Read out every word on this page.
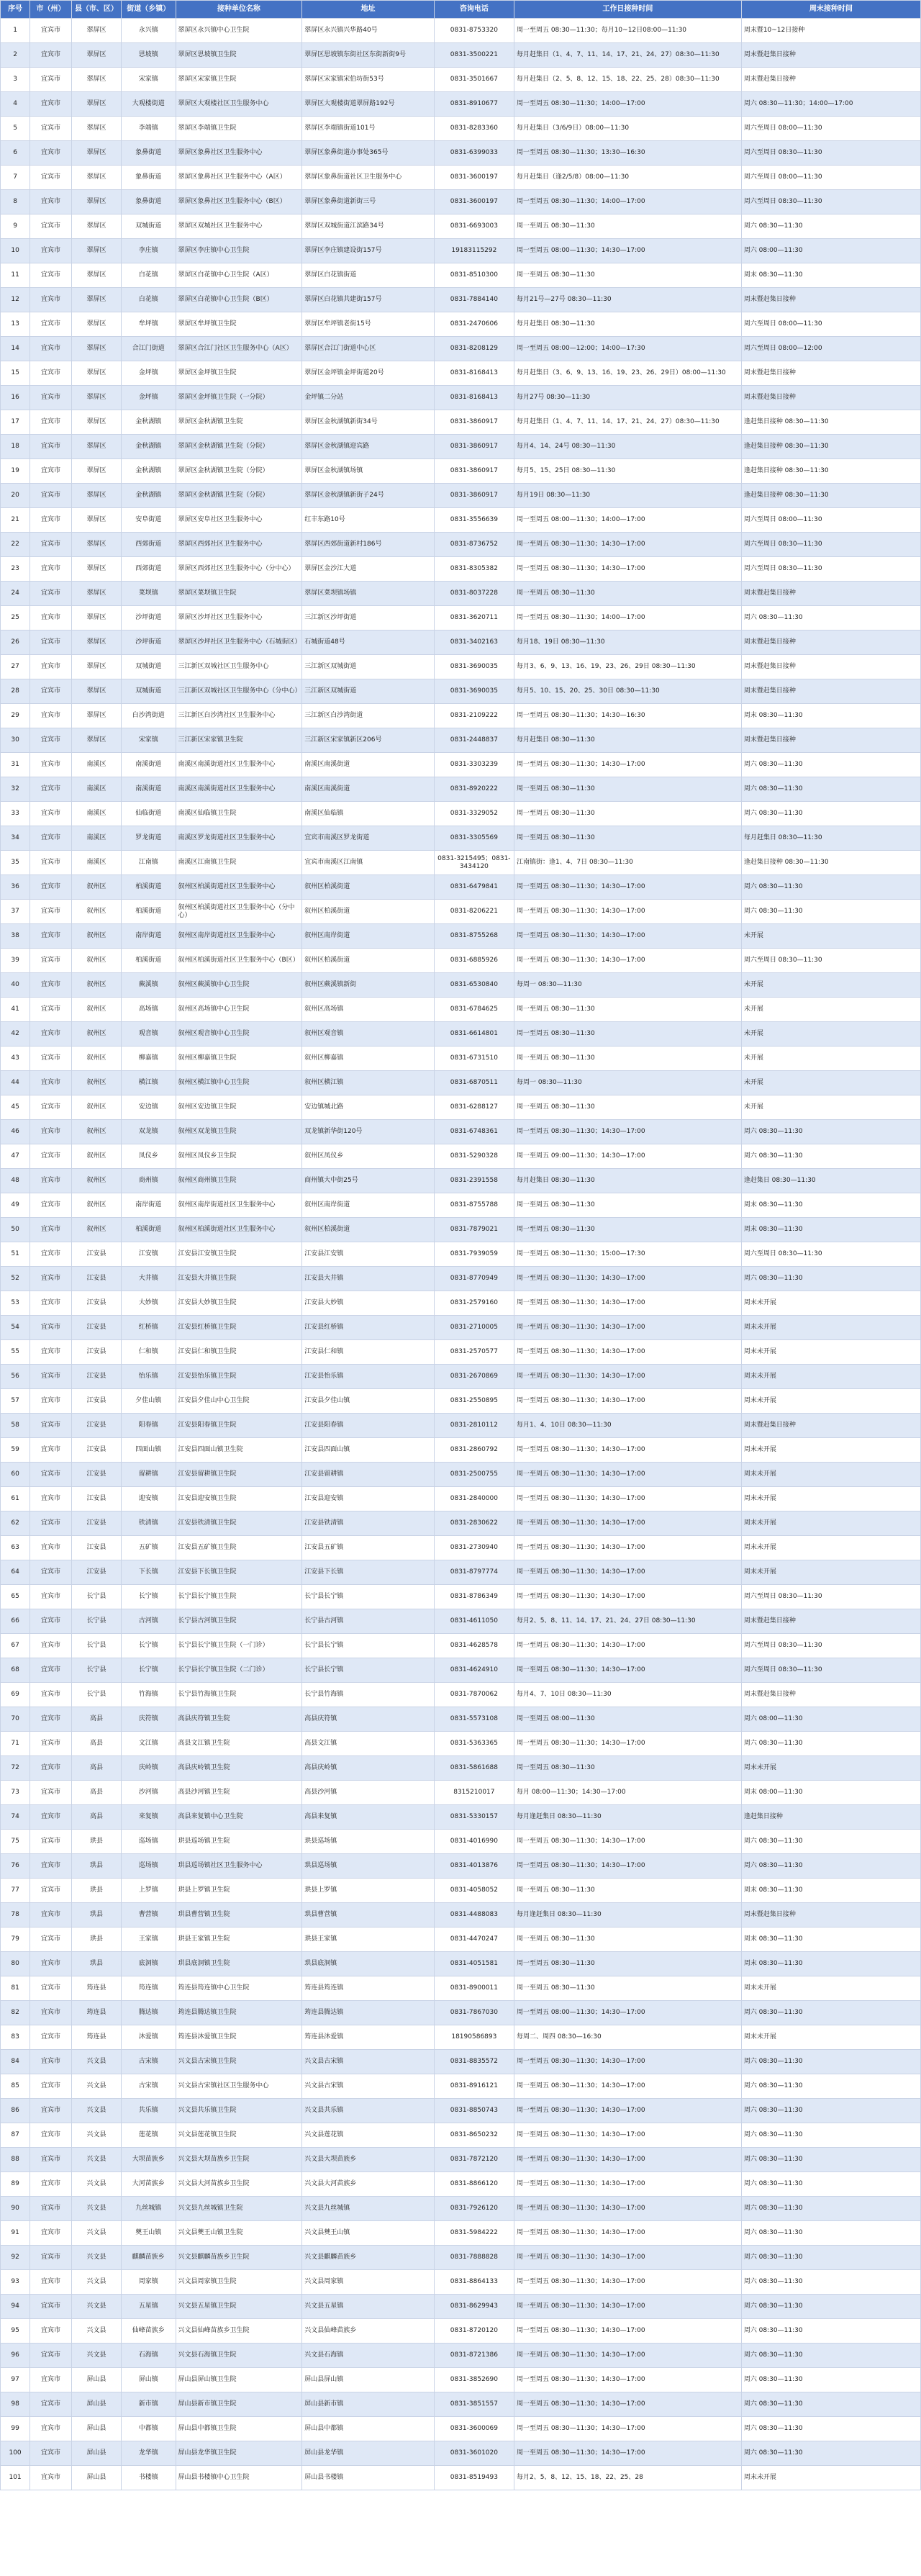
序号	市（州）	县（市、区）	街道（乡镇）	接种单位名称	地址	咨询电话	工作日接种时间	周末接种时间
1	宜宾市	翠屏区	永兴镇	翠屏区永兴镇中心卫生院	翠屏区永兴镇兴华路40号	0831-8753320	周一至周五 08:30—11:30；每月10~12日08:00—11:30	周末暨10~12日接种
2	宜宾市	翠屏区	思坡镇	翠屏区思坡镇卫生院	翠屏区思坡镇东街社区东街新街9号	0831-3500221	每月赶集日（1、4、7、11、14、17、21、24、27）08:30—11:30	周末暨赶集日接种
3	宜宾市	翠屏区	宋家镇	翠屏区宋家镇卫生院	翠屏区宋家镇宋伯坊街53号	0831-3501667	每月赶集日（2、5、8、12、15、18、22、25、28）08:30—11:30	周末暨赶集日接种
4	宜宾市	翠屏区	大观楼街道	翠屏区大观楼社区卫生服务中心	翠屏区大观楼街道翠屏路192号	0831-8910677	周一至周五 08:30—11:30；14:00—17:00	周六 08:30—11:30；14:00—17:00
5	宜宾市	翠屏区	李端镇	翠屏区李端镇卫生院	翠屏区李端镇街道101号	0831-8283360	每月赶集日（3/6/9日）08:00—11:30	周六至周日 08:00—11:30
6	宜宾市	翠屏区	象鼻街道	翠屏区象鼻社区卫生服务中心	翠屏区象鼻街道办事处365号	0831-6399033	周一至周五 08:30—11:30；13:30—16:30	周六至周日 08:30—11:30
7	宜宾市	翠屏区	象鼻街道	翠屏区象鼻社区卫生服务中心（A区）	翠屏区象鼻街道社区卫生服务中心	0831-3600197	每月赶集日（逢2/5/8）08:00—11:30	周六至周日 08:00—11:30
8	宜宾市	翠屏区	象鼻街道	翠屏区象鼻社区卫生服务中心（B区）	翠屏区象鼻街道新街三号	0831-3600197	周一至周五 08:30—11:30；14:00—17:00	周六至周日 08:30—11:30
9	宜宾市	翠屏区	双城街道	翠屏区双城社区卫生服务中心	翠屏区双城街道江滨路34号	0831-6693003	周一至周五 08:30—11:30	周六 08:30—11:30
10	宜宾市	翠屏区	李庄镇	翠屏区李庄镇中心卫生院	翠屏区李庄镇建设街157号	19183115292	周一至周五 08:00—11:30；14:30—17:00	周六 08:00—11:30
11	宜宾市	翠屏区	白花镇	翠屏区白花镇中心卫生院（A区）	翠屏区白花镇街道	0831-8510300	周一至周五 08:30—11:30	周末 08:30—11:30
12	宜宾市	翠屏区	白花镇	翠屏区白花镇中心卫生院（B区）	翠屏区白花镇共建街157号	0831-7884140	每月21号—27号 08:30—11:30	周末暨赶集日接种
13	宜宾市	翠屏区	牟坪镇	翠屏区牟坪镇卫生院	翠屏区牟坪镇老街15号	0831-2470606	每月赶集日 08:30—11:30	周六至周日 08:00—11:30
14	宜宾市	翠屏区	合江门街道	翠屏区合江门社区卫生服务中心（A区）	翠屏区合江门街道中心区	0831-8208129	周一至周五 08:00—12:00；14:00—17:30	周六至周日 08:00—12:00
15	宜宾市	翠屏区	金坪镇	翠屏区金坪镇卫生院	翠屏区金坪镇金坪街道20号	0831-8168413	每月赶集日（3、6、9、13、16、19、23、26、29日）08:00—11:30	周末暨赶集日接种
16	宜宾市	翠屏区	金坪镇	翠屏区金坪镇卫生院（一分院）	金坪镇二分站	0831-8168413	每月27号 08:30—11:30	周末暨赶集日接种
17	宜宾市	翠屏区	金秋湖镇	翠屏区金秋湖镇卫生院	翠屏区金秋湖镇新街34号	0831-3860917	每月赶集日（1、4、7、11、14、17、21、24、27）08:30—11:30	逢赶集日接种 08:30—11:30
18	宜宾市	翠屏区	金秋湖镇	翠屏区金秋湖镇卫生院（分院）	翠屏区金秋湖镇迎宾路	0831-3860917	每月4、14、24号 08:30—11:30	逢赶集日接种 08:30—11:30
19	宜宾市	翠屏区	金秋湖镇	翠屏区金秋湖镇卫生院（分院）	翠屏区金秋湖镇场镇	0831-3860917	每月5、15、25日 08:30—11:30	逢赶集日接种 08:30—11:30
20	宜宾市	翠屏区	金秋湖镇	翠屏区金秋湖镇卫生院（分院）	翠屏区金秋湖镇新街子24号	0831-3860917	每月19日 08:30—11:30	逢赶集日接种 08:30—11:30
21	宜宾市	翠屏区	安阜街道	翠屏区安阜社区卫生服务中心	红丰东路10号	0831-3556639	周一至周五 08:00—11:30；14:00—17:00	周六至周日 08:00—11:30
22	宜宾市	翠屏区	西郊街道	翠屏区西郊社区卫生服务中心	翠屏区西郊街道新村186号	0831-8736752	周一至周五 08:30—11:30；14:30—17:00	周六至周日 08:30—11:30
23	宜宾市	翠屏区	西郊街道	翠屏区西郊社区卫生服务中心（分中心）	翠屏区金沙江大道	0831-8305382	周一至周五 08:30—11:30；14:30—17:00	周六至周日 08:30—11:30
24	宜宾市	翠屏区	菜坝镇	翠屏区菜坝镇卫生院	翠屏区菜坝镇场镇	0831-8037228	周一至周五 08:30—11:30	周末暨赶集日接种
25	宜宾市	翠屏区	沙坪街道	翠屏区沙坪社区卫生服务中心	三江新区沙坪街道	0831-3620711	周一至周五 08:30—11:30；14:00—17:00	周六 08:30—11:30
26	宜宾市	翠屏区	沙坪街道	翠屏区沙坪社区卫生服务中心（石城街区）	石城街道48号	0831-3402163	每月18、19日 08:30—11:30	周末暨赶集日接种
27	宜宾市	翠屏区	双城街道	三江新区双城社区卫生服务中心	三江新区双城街道	0831-3690035	每月3、6、9、13、16、19、23、26、29日 08:30—11:30	周末暨赶集日接种
28	宜宾市	翠屏区	双城街道	三江新区双城社区卫生服务中心（分中心）	三江新区双城街道	0831-3690035	每月5、10、15、20、25、30日 08:30—11:30	周末暨赶集日接种
29	宜宾市	翠屏区	白沙湾街道	三江新区白沙湾社区卫生服务中心	三江新区白沙湾街道	0831-2109222	周一至周五 08:30—11:30；14:30—16:30	周末 08:30—11:30
30	宜宾市	翠屏区	宋家镇	三江新区宋家镇卫生院	三江新区宋家镇新区206号	0831-2448837	每月赶集日 08:30—11:30	周末暨赶集日接种
31	宜宾市	南溪区	南溪街道	南溪区南溪街道社区卫生服务中心	南溪区南溪街道	0831-3303239	周一至周五 08:30—11:30；14:30—17:00	周六 08:30—11:30
32	宜宾市	南溪区	南溪街道	南溪区南溪街道社区卫生服务中心	南溪区南溪街道	0831-8920222	周一至周五 08:30—11:30	周六 08:30—11:30
33	宜宾市	南溪区	仙临街道	南溪区仙临镇卫生院	南溪区仙临镇	0831-3329052	周一至周五 08:30—11:30	周六 08:30—11:30
34	宜宾市	南溪区	罗龙街道	南溪区罗龙街道社区卫生服务中心	宜宾市南溪区罗龙街道	0831-3305569	周一至周五 08:30—11:30	每月赶集日 08:30—11:30
35	宜宾市	南溪区	江南镇	南溪区江南镇卫生院	宜宾市南溪区江南镇	0831-3215495；0831-3434120	江南镇街：逢1、4、7日 08:30—11:30	逢赶集日接种 08:30—11:30
36	宜宾市	叙州区	柏溪街道	叙州区柏溪街道社区卫生服务中心	叙州区柏溪街道	0831-6479841	周一至周五 08:30—11:30；14:30—17:00	周六 08:30—11:30
37	宜宾市	叙州区	柏溪街道	叙州区柏溪街道社区卫生服务中心（分中心）	叙州区柏溪街道	0831-8206221	周一至周五 08:30—11:30；14:30—17:00	周六 08:30—11:30
38	宜宾市	叙州区	南岸街道	叙州区南岸街道社区卫生服务中心	叙州区南岸街道	0831-8755268	周一至周五 08:30—11:30；14:30—17:00	未开展
39	宜宾市	叙州区	柏溪街道	叙州区柏溪街道社区卫生服务中心（B区）	叙州区柏溪街道	0831-6885926	周一至周五 08:30—11:30；14:30—17:00	周六至周日 08:30—11:30
40	宜宾市	叙州区	蕨溪镇	叙州区蕨溪镇中心卫生院	叙州区蕨溪镇新街	0831-6530840	每周一 08:30—11:30	未开展
41	宜宾市	叙州区	高场镇	叙州区高场镇中心卫生院	叙州区高场镇	0831-6784625	周一至周五 08:30—11:30	未开展
42	宜宾市	叙州区	观音镇	叙州区观音镇中心卫生院	叙州区观音镇	0831-6614801	周一至周五 08:30—11:30	未开展
43	宜宾市	叙州区	柳嘉镇	叙州区柳嘉镇卫生院	叙州区柳嘉镇	0831-6731510	周一至周五 08:30—11:30	未开展
44	宜宾市	叙州区	横江镇	叙州区横江镇中心卫生院	叙州区横江镇	0831-6870511	每周一 08:30—11:30	未开展
45	宜宾市	叙州区	安边镇	叙州区安边镇卫生院	安边镇城北路	0831-6288127	周一至周五 08:30—11:30	未开展
46	宜宾市	叙州区	双龙镇	叙州区双龙镇卫生院	双龙镇新华街120号	0831-6748361	周一至周五 08:30—11:30；14:30—17:00	周六 08:30—11:30
47	宜宾市	叙州区	凤仪乡	叙州区凤仪乡卫生院	叙州区凤仪乡	0831-5290328	周一至周五 09:00—11:30；14:30—17:00	周六 08:30—11:30
48	宜宾市	叙州区	商州镇	叙州区商州镇卫生院	商州镇大中街25号	0831-2391558	每月赶集日 08:30—11:30	逢赶集日 08:30—11:30
49	宜宾市	叙州区	南岸街道	叙州区南岸街道社区卫生服务中心	叙州区南岸街道	0831-8755788	周一至周五 08:30—11:30	周末 08:30—11:30
50	宜宾市	叙州区	柏溪街道	叙州区柏溪街道社区卫生服务中心	叙州区柏溪街道	0831-7879021	周一至周五 08:30—11:30	周末 08:30—11:30
51	宜宾市	江安县	江安镇	江安县江安镇卫生院	江安县江安镇	0831-7939059	周一至周五 08:30—11:30；15:00—17:30	周六至周日 08:30—11:30
52	宜宾市	江安县	大井镇	江安县大井镇卫生院	江安县大井镇	0831-8770949	周一至周五 08:30—11:30；14:30—17:00	周六 08:30—11:30
53	宜宾市	江安县	大妙镇	江安县大妙镇卫生院	江安县大妙镇	0831-2579160	周一至周五 08:30—11:30；14:30—17:00	周末未开展
54	宜宾市	江安县	红桥镇	江安县红桥镇卫生院	江安县红桥镇	0831-2710005	周一至周五 08:30—11:30；14:30—17:00	周末未开展
55	宜宾市	江安县	仁和镇	江安县仁和镇卫生院	江安县仁和镇	0831-2570577	周一至周五 08:30—11:30；14:30—17:00	周末未开展
56	宜宾市	江安县	怡乐镇	江安县怡乐镇卫生院	江安县怡乐镇	0831-2670869	周一至周五 08:30—11:30；14:30—17:00	周末未开展
57	宜宾市	江安县	夕佳山镇	江安县夕佳山中心卫生院	江安县夕佳山镇	0831-2550895	周一至周五 08:30—11:30；14:30—17:00	周末未开展
58	宜宾市	江安县	阳春镇	江安县阳春镇卫生院	江安县阳春镇	0831-2810112	每月1、4、10日 08:30—11:30	周末暨赶集日接种
59	宜宾市	江安县	四面山镇	江安县四面山镇卫生院	江安县四面山镇	0831-2860792	周一至周五 08:30—11:30；14:30—17:00	周末未开展
60	宜宾市	江安县	留耕镇	江安县留耕镇卫生院	江安县留耕镇	0831-2500755	周一至周五 08:30—11:30；14:30—17:00	周末未开展
61	宜宾市	江安县	迎安镇	江安县迎安镇卫生院	江安县迎安镇	0831-2840000	周一至周五 08:30—11:30；14:30—17:00	周末未开展
62	宜宾市	江安县	铁清镇	江安县铁清镇卫生院	江安县铁清镇	0831-2830622	周一至周五 08:30—11:30；14:30—17:00	周末未开展
63	宜宾市	江安县	五矿镇	江安县五矿镇卫生院	江安县五矿镇	0831-2730940	周一至周五 08:30—11:30；14:30—17:00	周末未开展
64	宜宾市	江安县	下长镇	江安县下长镇卫生院	江安县下长镇	0831-8797774	周一至周五 08:30—11:30；14:30—17:00	周末未开展
65	宜宾市	长宁县	长宁镇	长宁县长宁镇卫生院	长宁县长宁镇	0831-8786349	周一至周五 08:30—11:30；14:30—17:00	周六至周日 08:30—11:30
66	宜宾市	长宁县	古河镇	长宁县古河镇卫生院	长宁县古河镇	0831-4611050	每月2、5、8、11、14、17、21、24、27日 08:30—11:30	周末暨赶集日接种
67	宜宾市	长宁县	长宁镇	长宁县长宁镇卫生院（一门诊）	长宁县长宁镇	0831-4628578	周一至周五 08:30—11:30；14:30—17:00	周六至周日 08:30—11:30
68	宜宾市	长宁县	长宁镇	长宁县长宁镇卫生院（二门诊）	长宁县长宁镇	0831-4624910	周一至周五 08:30—11:30；14:30—17:00	周六至周日 08:30—11:30
69	宜宾市	长宁县	竹海镇	长宁县竹海镇卫生院	长宁县竹海镇	0831-7870062	每月4、7、10日 08:30—11:30	周末暨赶集日接种
70	宜宾市	高县	庆符镇	高县庆符镇卫生院	高县庆符镇	0831-5573108	周一至周五 08:00—11:30	周六 08:00—11:30
71	宜宾市	高县	文江镇	高县文江镇卫生院	高县文江镇	0831-5363365	周一至周五 08:30—11:30；14:30—17:00	周六 08:30—11:30
72	宜宾市	高县	庆岭镇	高县庆岭镇卫生院	高县庆岭镇	0831-5861688	周一至周五 08:30—11:30	周末未开展
73	宜宾市	高县	沙河镇	高县沙河镇卫生院	高县沙河镇	8315210017	每月 08:00—11:30；14:30—17:00	周末 08:00—11:30
74	宜宾市	高县	来复镇	高县来复镇中心卫生院	高县来复镇	0831-5330157	每月逢赶集日 08:30—11:30	逢赶集日接种
75	宜宾市	珙县	巡场镇	珙县巡场镇卫生院	珙县巡场镇	0831-4016990	周一至周五 08:30—11:30；14:30—17:00	周六 08:30—11:30
76	宜宾市	珙县	巡场镇	珙县巡场镇社区卫生服务中心	珙县巡场镇	0831-4013876	周一至周五 08:30—11:30；14:30—17:00	周六 08:30—11:30
77	宜宾市	珙县	上罗镇	珙县上罗镇卫生院	珙县上罗镇	0831-4058052	周一至周五 08:30—11:30	周末 08:30—11:30
78	宜宾市	珙县	曹营镇	珙县曹营镇卫生院	珙县曹营镇	0831-4488083	每月逢赶集日 08:30—11:30	周末暨赶集日接种
79	宜宾市	珙县	王家镇	珙县王家镇卫生院	珙县王家镇	0831-4470247	周一至周五 08:30—11:30	周末 08:30—11:30
80	宜宾市	珙县	底洞镇	珙县底洞镇卫生院	珙县底洞镇	0831-4051581	周一至周五 08:30—11:30	周末 08:30—11:30
81	宜宾市	筠连县	筠连镇	筠连县筠连镇中心卫生院	筠连县筠连镇	0831-8900011	周一至周五 08:30—11:30	周末未开展
82	宜宾市	筠连县	腾达镇	筠连县腾达镇卫生院	筠连县腾达镇	0831-7867030	周一至周五 08:00—11:30；14:30—17:00	周六 08:30—11:30
83	宜宾市	筠连县	沐爱镇	筠连县沐爱镇卫生院	筠连县沐爱镇	18190586893	每周二、周四 08:30—16:30	周末未开展
84	宜宾市	兴文县	古宋镇	兴文县古宋镇卫生院	兴文县古宋镇	0831-8835572	周一至周五 08:30—11:30；14:30—17:00	周六 08:30—11:30
85	宜宾市	兴文县	古宋镇	兴文县古宋镇社区卫生服务中心	兴文县古宋镇	0831-8916121	周一至周五 08:30—11:30；14:30—17:00	周六 08:30—11:30
86	宜宾市	兴文县	共乐镇	兴文县共乐镇卫生院	兴文县共乐镇	0831-8850743	周一至周五 08:30—11:30；14:30—17:00	周六 08:30—11:30
87	宜宾市	兴文县	莲花镇	兴文县莲花镇卫生院	兴文县莲花镇	0831-8650232	周一至周五 08:30—11:30；14:30—17:00	周六 08:30—11:30
88	宜宾市	兴文县	大坝苗族乡	兴文县大坝苗族乡卫生院	兴文县大坝苗族乡	0831-7872120	周一至周五 08:30—11:30；14:30—17:00	周六 08:30—11:30
89	宜宾市	兴文县	大河苗族乡	兴文县大河苗族乡卫生院	兴文县大河苗族乡	0831-8866120	周一至周五 08:30—11:30；14:30—17:00	周六 08:30—11:30
90	宜宾市	兴文县	九丝城镇	兴文县九丝城镇卫生院	兴文县九丝城镇	0831-7926120	周一至周五 08:30—11:30；14:30—17:00	周六 08:30—11:30
91	宜宾市	兴文县	僰王山镇	兴文县僰王山镇卫生院	兴文县僰王山镇	0831-5984222	周一至周五 08:30—11:30；14:30—17:00	周六 08:30—11:30
92	宜宾市	兴文县	麒麟苗族乡	兴文县麒麟苗族乡卫生院	兴文县麒麟苗族乡	0831-7888828	周一至周五 08:30—11:30；14:30—17:00	周六 08:30—11:30
93	宜宾市	兴文县	周家镇	兴文县周家镇卫生院	兴文县周家镇	0831-8864133	周一至周五 08:30—11:30；14:30—17:00	周六 08:30—11:30
94	宜宾市	兴文县	五星镇	兴文县五星镇卫生院	兴文县五星镇	0831-8629943	周一至周五 08:30—11:30；14:30—17:00	周六 08:30—11:30
95	宜宾市	兴文县	仙峰苗族乡	兴文县仙峰苗族乡卫生院	兴文县仙峰苗族乡	0831-8720120	周一至周五 08:30—11:30；14:30—17:00	周六 08:30—11:30
96	宜宾市	兴文县	石海镇	兴文县石海镇卫生院	兴文县石海镇	0831-8721386	周一至周五 08:30—11:30；14:30—17:00	周六 08:30—11:30
97	宜宾市	屏山县	屏山镇	屏山县屏山镇卫生院	屏山县屏山镇	0831-3852690	周一至周五 08:30—11:30；14:30—17:00	周六 08:30—11:30
98	宜宾市	屏山县	新市镇	屏山县新市镇卫生院	屏山县新市镇	0831-3851557	周一至周五 08:30—11:30；14:30—17:00	周六 08:30—11:30
99	宜宾市	屏山县	中都镇	屏山县中都镇卫生院	屏山县中都镇	0831-3600069	周一至周五 08:30—11:30；14:30—17:00	周六 08:30—11:30
100	宜宾市	屏山县	龙华镇	屏山县龙华镇卫生院	屏山县龙华镇	0831-3601020	周一至周五 08:30—11:30；14:30—17:00	周六 08:30—11:30
101	宜宾市	屏山县	书楼镇	屏山县书楼镇中心卫生院	屏山县书楼镇	0831-8519493	每月2、5、8、12、15、18、22、25、28	周末未开展
